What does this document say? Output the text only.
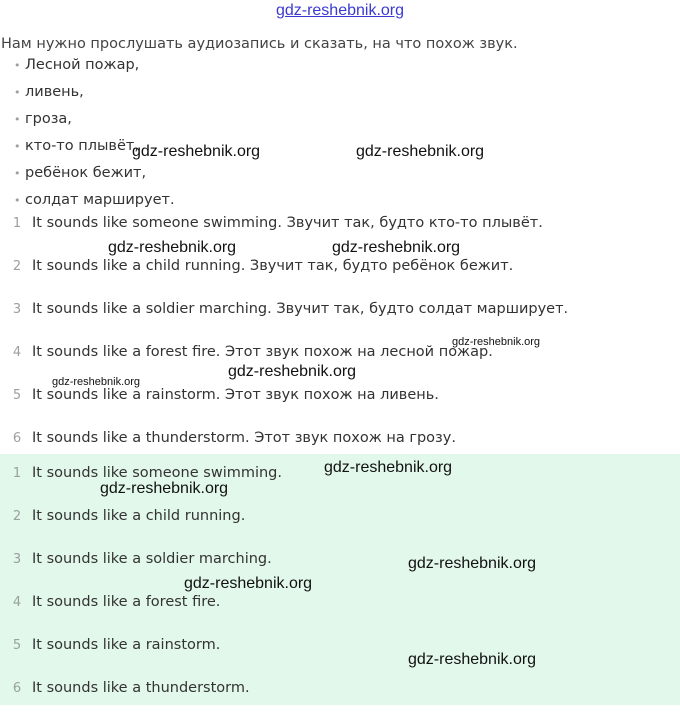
gdz-reshebnik.org
Нам нужно прослушать аудиозапись и сказать, на что похож звук.
• Лесной пожар,
• ливень,
• гроза,
• кто-то плывёт,
• ребёнок бежит,
• солдат марширует.
1 It sounds like someone swimming. Звучит так, будто кто-то плывёт.
2 It sounds like a child running. Звучит так, будто ребёнок бежит.
3 It sounds like a soldier marching. Звучит так, будто солдат марширует.
4 It sounds like a forest fire. Этот звук похож на лесной пожар.
5 It sounds like a rainstorm. Этот звук похож на ливень.
6 It sounds like a thunderstorm. Этот звук похож на грозу.
1 It sounds like someone swimming.
2 It sounds like a child running.
3 It sounds like a soldier marching.
4 It sounds like a forest fire.
5 It sounds like a rainstorm.
6 It sounds like a thunderstorm.
gdz-reshebnik.org	gdz-reshebnik.org
gdz-reshebnik.org	gdz-reshebnik.org
gdz-reshebnik.org
gdz-reshebnik.org
gdz-reshebnik.org
gdz-reshebnik.org
gdz-reshebnik.org
gdz-reshebnik.org
gdz-reshebnik.org
gdz-reshebnik.org
